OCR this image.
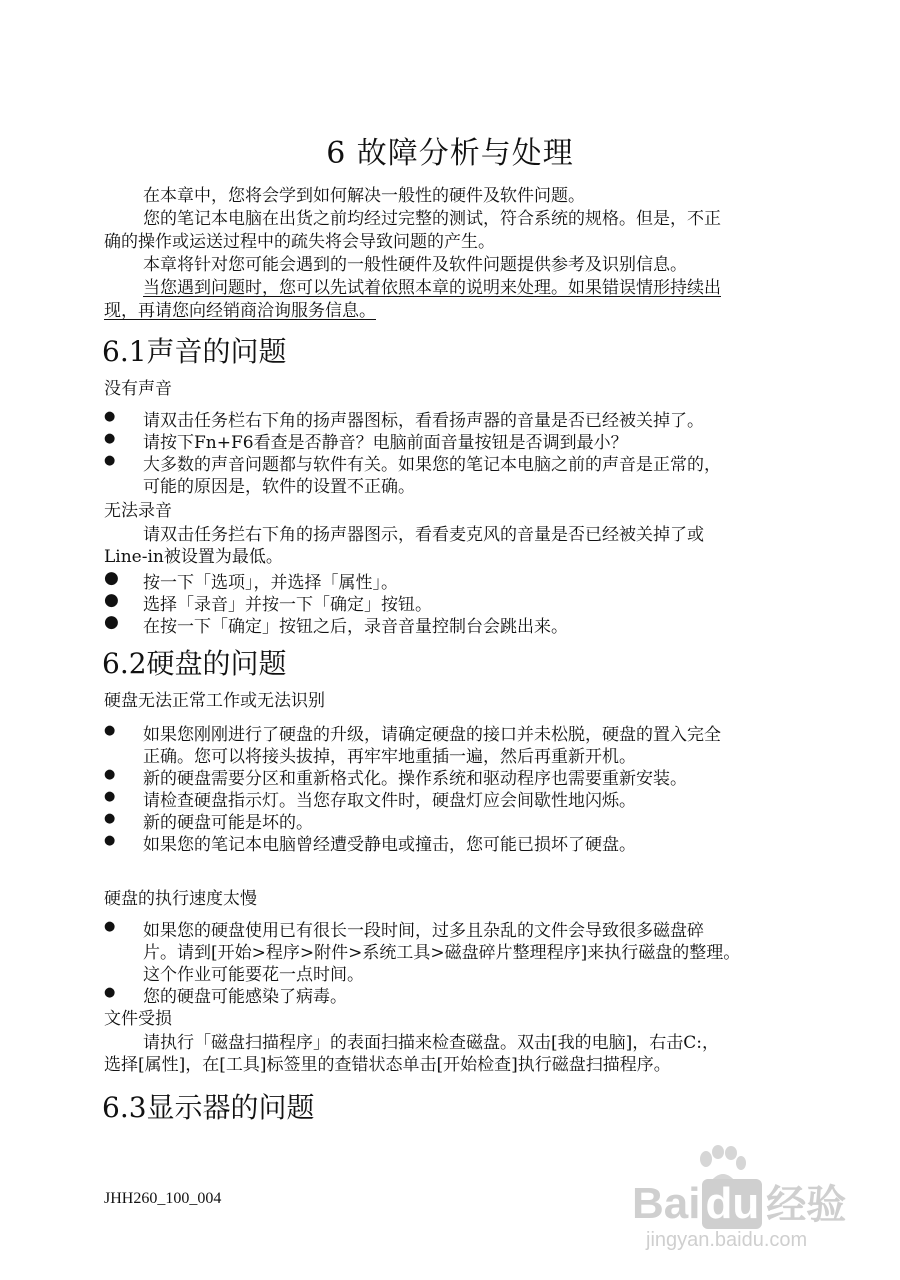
6 故障分析与处理
在本章中，您将会学到如何解决一般性的硬件及软件问题。
您的笔记本电脑在出货之前均经过完整的测试，符合系统的规格。但是，不正
确的操作或运送过程中的疏失将会导致问题的产生。
本章将针对您可能会遇到的一般性硬件及软件问题提供参考及识别信息。
当您遇到问题时，您可以先试着依照本章的说明来处理。如果错误情形持续出
现，再请您向经销商洽询服务信息。
6.1声音的问题
没有声音
● 请双击任务栏右下角的扬声器图标，看看扬声器的音量是否已经被关掉了。
● 请按下Fn+F6看查是否静音？电脑前面音量按钮是否调到最小？
● 大多数的声音问题都与软件有关。如果您的笔记本电脑之前的声音是正常的，
可能的原因是，软件的设置不正确。
无法录音
请双击任务拦右下角的扬声器图示，看看麦克风的音量是否已经被关掉了或
Line-in被设置为最低。
● 按一下「选项」，并选择「属性」。
● 选择「录音」并按一下「确定」按钮。
● 在按一下「确定」按钮之后，录音音量控制台会跳出来。
6.2硬盘的问题
硬盘无法正常工作或无法识别
● 如果您刚刚进行了硬盘的升级，请确定硬盘的接口并未松脱，硬盘的置入完全
正确。您可以将接头拔掉，再牢牢地重插一遍，然后再重新开机。
● 新的硬盘需要分区和重新格式化。操作系统和驱动程序也需要重新安装。
● 请检查硬盘指示灯。当您存取文件时，硬盘灯应会间歇性地闪烁。
● 新的硬盘可能是坏的。
● 如果您的笔记本电脑曾经遭受静电或撞击，您可能已损坏了硬盘。
硬盘的执行速度太慢
● 如果您的硬盘使用已有很长一段时间，过多且杂乱的文件会导致很多磁盘碎
片。请到[开始>程序>附件>系统工具>磁盘碎片整理程序]来执行磁盘的整理。
这个作业可能要花一点时间。
● 您的硬盘可能感染了病毒。
文件受损
请执行「磁盘扫描程序」的表面扫描来检查磁盘。双击[我的电脑]，右击C:，
选择[属性]，在[工具]标签里的查错状态单击[开始检查]执行磁盘扫描程序。
6.3显示器的问题
JHH260_100_004	Bai du 经验
jingyan.baidu.com
